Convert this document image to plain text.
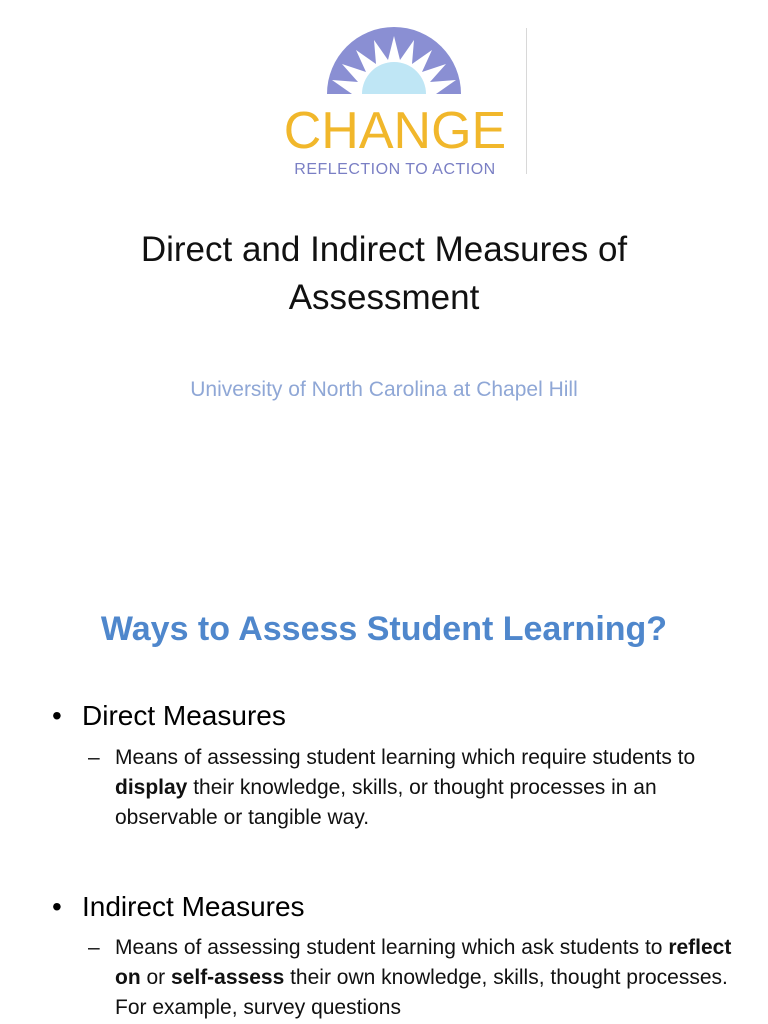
CHANGE
REFLECTION TO ACTION
Direct and Indirect Measures of
Assessment
University of North Carolina at Chapel Hill
Ways to Assess Student Learning?
• Direct Measures
– Means of assessing student learning which require students to display their knowledge, skills, or thought processes in an observable or tangible way.
• Indirect Measures
– Means of assessing student learning which ask students to reflect on or self-assess their own knowledge, skills, thought processes. For example, survey questions
